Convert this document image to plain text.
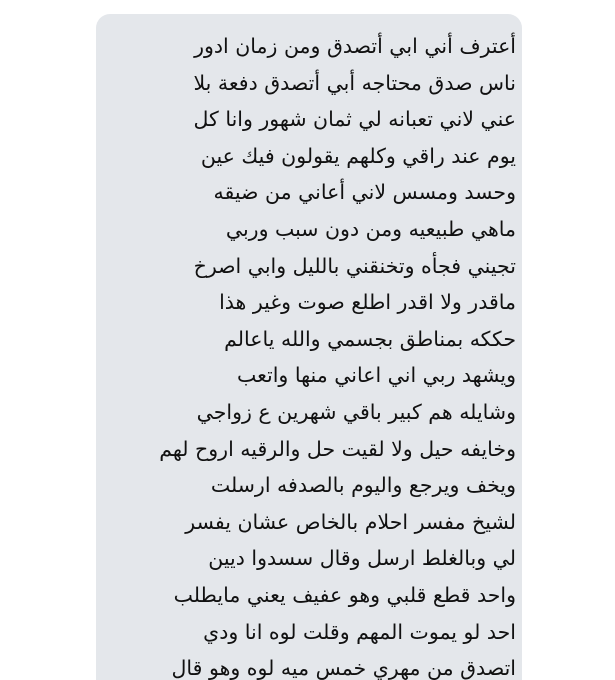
أعترف أني ابي أتصدق ومن زمان ادور
ناس صدق محتاجه أبي أتصدق دفعة بلا
عني لاني تعبانه لي ثمان شهور وانا كل
يوم عند راقي وكلهم يقولون فيك عين
وحسد ومسس لاني أعاني من ضيقه
ماهي طبيعيه ومن دون سبب وربي
تجيني فجأه وتخنقني بالليل وابي اصرخ
ماقدر ولا اقدر اطلع صوت وغير هذا
حككه بمناطق بجسمي والله ياعالم
ويشهد ربي اني اعاني منها واتعب
وشايله هم كبير باقي شهرين ع زواجي
وخايفه حيل ولا لقيت حل والرقيه اروح لهم
ويخف ويرجع واليوم بالصدفه ارسلت
لشيخ مفسر احلام بالخاص عشان يفسر
لي وبالغلط ارسل وقال سسدوا ديين
واحد قطع قلبي وهو عفيف يعني مايطلب
احد لو يموت المهم وقلت لوه انا ودي
اتصدق من مهري خمس ميه لوه وهو قال
